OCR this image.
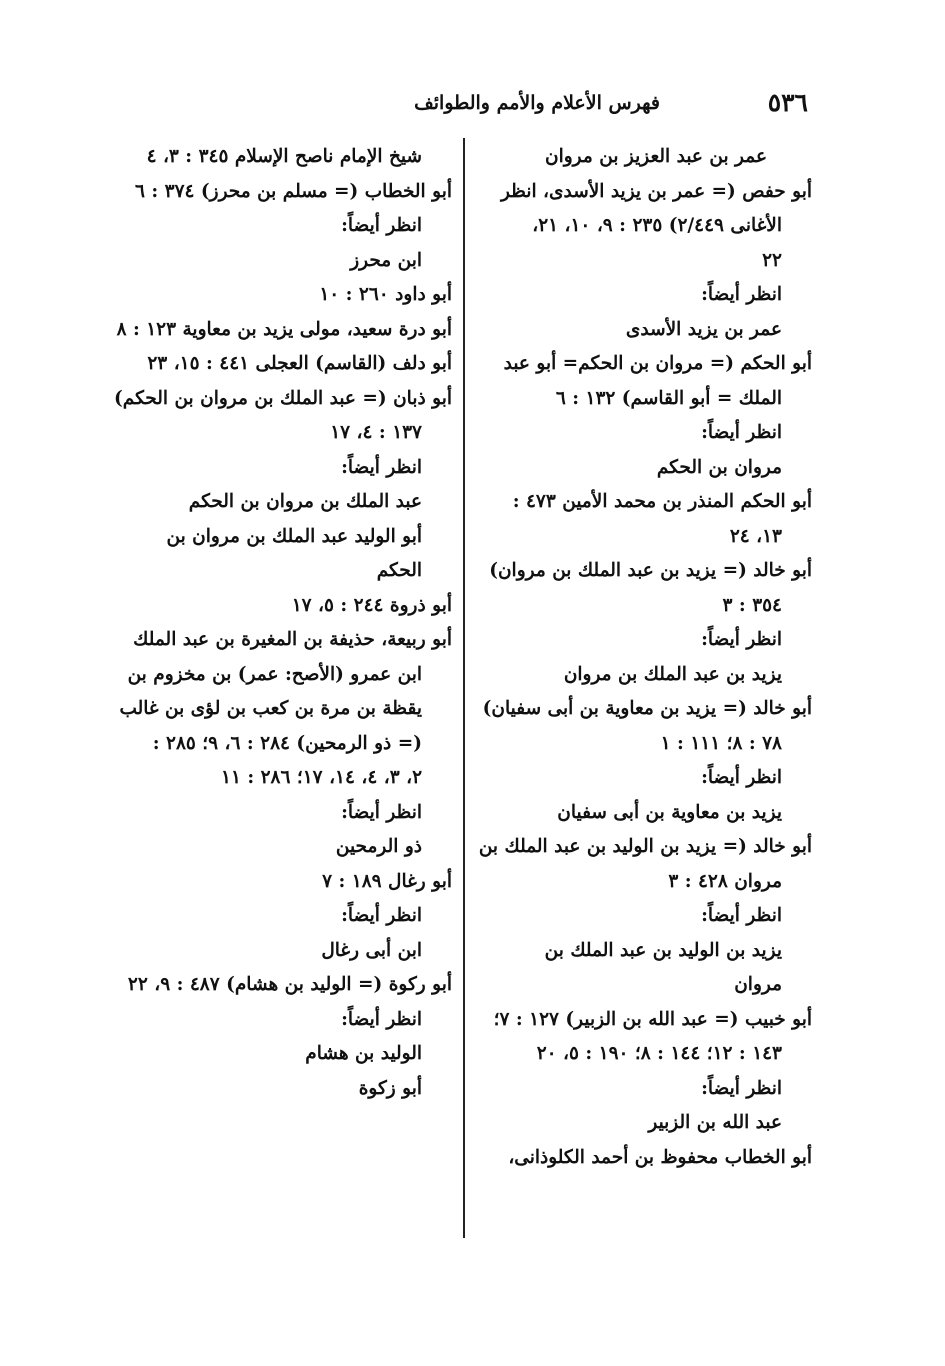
٥٣٦
فهرس الأعلام والأمم والطوائف
عمر بن عبد العزيز بن مروان
أبو حفص (= عمر بن يزيد الأسدى، انظر
الأغانى ٢/٤٤٩) ٢٣٥ : ٩، ١٠، ٢١،
٢٢
انظر أيضاً:
عمر بن يزيد الأسدى
أبو الحكم (= مروان بن الحكم= أبو عبد
الملك = أبو القاسم) ١٣٢ : ٦
انظر أيضاً:
مروان بن الحكم
أبو الحكم المنذر بن محمد الأمين ٤٧٣ :
١٣، ٢٤
أبو خالد (= يزيد بن عبد الملك بن مروان)
٣٥٤ : ٣
انظر أيضاً:
يزيد بن عبد الملك بن مروان
أبو خالد (= يزيد بن معاوية بن أبى سفيان)
٧٨ : ٨؛ ١١١ : ١
انظر أيضاً:
يزيد بن معاوية بن أبى سفيان
أبو خالد (= يزيد بن الوليد بن عبد الملك بن
مروان ٤٢٨ : ٣
انظر أيضاً:
يزيد بن الوليد بن عبد الملك بن
مروان
أبو خبيب (= عبد الله بن الزبير) ١٢٧ : ٧؛
١٤٣ : ١٢؛ ١٤٤ : ٨؛ ١٩٠ : ٥، ٢٠
انظر أيضاً:
عبد الله بن الزبير
أبو الخطاب محفوظ بن أحمد الكلوذانى،
شيخ الإمام ناصح الإسلام ٣٤٥ : ٣، ٤
أبو الخطاب (= مسلم بن محرز) ٣٧٤ : ٦
انظر أيضاً:
ابن محرز
أبو داود ٢٦٠ : ١٠
أبو درة سعيد، مولى يزيد بن معاوية ١٢٣ : ٨
أبو دلف (القاسم) العجلى ٤٤١ : ١٥، ٢٣
أبو ذبان (= عبد الملك بن مروان بن الحكم)
١٣٧ : ٤، ١٧
انظر أيضاً:
عبد الملك بن مروان بن الحكم
أبو الوليد عبد الملك بن مروان بن
الحكم
أبو ذروة ٢٤٤ : ٥، ١٧
أبو ربيعة، حذيفة بن المغيرة بن عبد الملك
ابن عمرو (الأصح: عمر) بن مخزوم بن
يقظة بن مرة بن كعب بن لؤى بن غالب
(= ذو الرمحين) ٢٨٤ : ٦، ٩؛ ٢٨٥ :
٢، ٣، ٤، ١٤، ١٧؛ ٢٨٦ : ١١
انظر أيضاً:
ذو الرمحين
أبو رغال ١٨٩ : ٧
انظر أيضاً:
ابن أبى رغال
أبو ركوة (= الوليد بن هشام) ٤٨٧ : ٩، ٢٢
انظر أيضاً:
الوليد بن هشام
أبو زكوة
